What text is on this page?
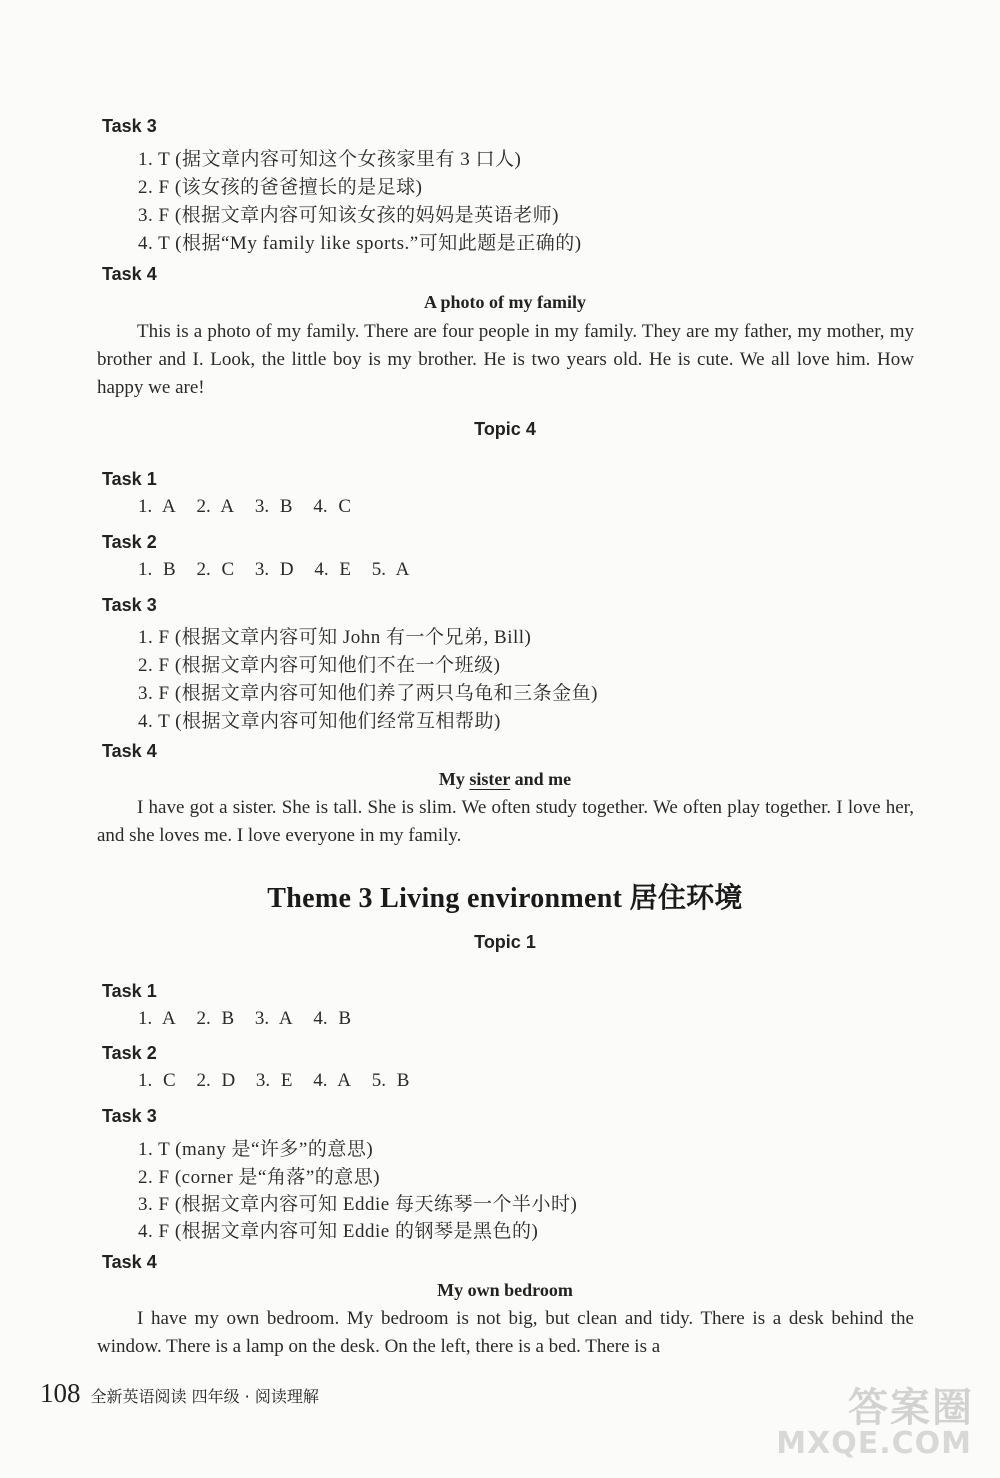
Task 3
1. T (据文章内容可知这个女孩家里有 3 口人)
2. F (该女孩的爸爸擅长的是足球)
3. F (根据文章内容可知该女孩的妈妈是英语老师)
4. T (根据“My family like sports.”可知此题是正确的)
Task 4
A photo of my family
This is a photo of my family. There are four people in my family. They are my father, my mother, my brother and I. Look, the little boy is my brother. He is two years old. He is cute. We all love him. How happy we are!
Topic 4
Task 1
1. A 2. A 3. B 4. C
Task 2
1. B 2. C 3. D 4. E 5. A
Task 3
1. F (根据文章内容可知 John 有一个兄弟, Bill)
2. F (根据文章内容可知他们不在一个班级)
3. F (根据文章内容可知他们养了两只乌龟和三条金鱼)
4. T (根据文章内容可知他们经常互相帮助)
Task 4
My sister and me
I have got a sister. She is tall. She is slim. We often study together. We often play together. I love her, and she loves me. I love everyone in my family.
Theme 3 Living environment 居住环境
Topic 1
Task 1
1. A 2. B 3. A 4. B
Task 2
1. C 2. D 3. E 4. A 5. B
Task 3
1. T (many 是“许多”的意思)
2. F (corner 是“角落”的意思)
3. F (根据文章内容可知 Eddie 每天练琴一个半小时)
4. F (根据文章内容可知 Eddie 的钢琴是黑色的)
Task 4
My own bedroom
I have my own bedroom. My bedroom is not big, but clean and tidy. There is a desk behind the window. There is a lamp on the desk. On the left, there is a bed. There is a
108 全新英语阅读 四年级 · 阅读理解	答案圈
MXQE.COM
